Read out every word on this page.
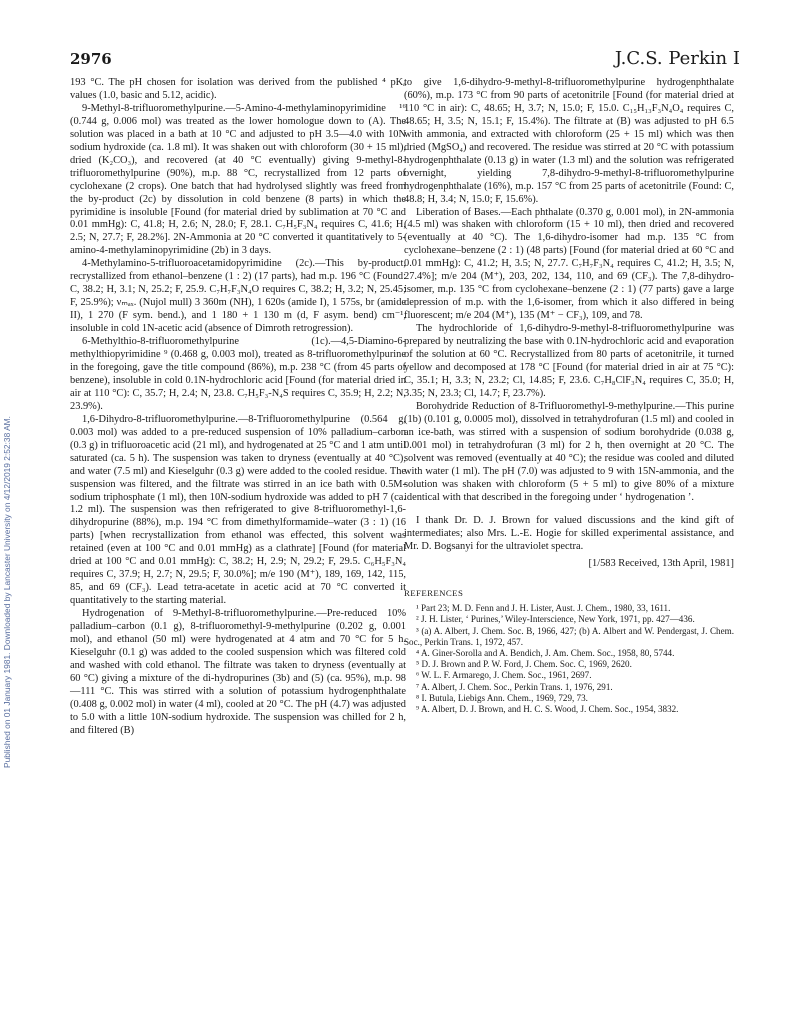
2976	J.C.S. Perkin I
Published on 01 January 1981. Downloaded by Lancaster University on 4/12/2019 2:52:38 AM.

193 °C. The pH chosen for isolation was derived from the published ⁴ pKₐ values (1.0, basic and 5.12, acidic).

9-Methyl-8-trifluoromethylpurine.—5-Amino-4-methylaminopyrimidine ¹⁶ (0.744 g, 0.006 mol) was treated as the lower homologue down to (A). The solution was placed in a bath at 10 °C and adjusted to pH 3.5—4.0 with 10N sodium hydroxide (ca. 1.8 ml). It was shaken out with chloroform (30 + 15 ml), dried (K₂CO₃), and recovered (at 40 °C eventually) giving 9-methyl-8-trifluoromethylpurine (90%), m.p. 88 °C, recrystallized from 12 parts of cyclohexane (2 crops). One batch that had hydrolysed slightly was freed from the by-product (2c) by dissolution in cold benzene (8 parts) in which the pyrimidine is insoluble [Found (for material dried by sublimation at 70 °C and 0.01 mmHg): C, 41.8; H, 2.6; N, 28.0; F, 28.1. C₇H₅F₃N₄ requires C, 41.6; H, 2.5; N, 27.7; F, 28.2%]. 2N-Ammonia at 20 °C converted it quantitatively to 5-amino-4-methylaminopyrimidine (2b) in 3 days.

4-Methylamino-5-trifluoroacetamidopyrimidine (2c).—This by-product, recrystallized from ethanol–benzene (1 : 2) (17 parts), had m.p. 196 °C (Found: C, 38.2; H, 3.1; N, 25.2; F, 25.9. C₇H₇F₃N₄O requires C, 38.2; H, 3.2; N, 25.45; F, 25.9%); νₘₐₓ. (Nujol mull) 3 360m (NH), 1 620s (amide I), 1 575s, br (amide II), 1 270 (F sym. bend.), and 1 180 + 1 130 m (d, F asym. bend) cm⁻¹, insoluble in cold 1N-acetic acid (absence of Dimroth retrogression).

6-Methylthio-8-trifluoromethylpurine (1c).—4,5-Diamino-6-methylthiopyrimidine ⁹ (0.468 g, 0.003 mol), treated as 8-trifluoromethylpurine in the foregoing, gave the title compound (86%), m.p. 238 °C (from 45 parts of benzene), insoluble in cold 0.1N-hydrochloric acid [Found (for material dried in air at 110 °C): C, 35.7; H, 2.4; N, 23.8. C₇H₅F₃-N₄S requires C, 35.9; H, 2.2; N, 23.9%).

1,6-Dihydro-8-trifluoromethylpurine.—8-Trifluoromethylpurine (0.564 g, 0.003 mol) was added to a pre-reduced suspension of 10% palladium–carbon (0.3 g) in trifluoroacetic acid (21 ml), and hydrogenated at 25 °C and 1 atm until saturated (ca. 5 h). The suspension was taken to dryness (eventually at 40 °C), and water (7.5 ml) and Kieselguhr (0.3 g) were added to the cooled residue. The suspension was filtered, and the filtrate was stirred in an ice bath with 0.5M-sodium triphosphate (1 ml), then 10N-sodium hydroxide was added to pH 7 (ca. 1.2 ml). The suspension was then refrigerated to give 8-trifluoromethyl-1,6-dihydropurine (88%), m.p. 194 °C from dimethylformamide–water (3 : 1) (16 parts) [when recrystallization from ethanol was effected, this solvent was retained (even at 100 °C and 0.01 mmHg) as a clathrate] [Found (for material dried at 100 °C and 0.01 mmHg): C, 38.2; H, 2.9; N, 29.2; F, 29.5. C₆H₅F₃N₄ requires C, 37.9; H, 2.7; N, 29.5; F, 30.0%]; m/e 190 (M⁺), 189, 169, 142, 115, 85, and 69 (CF₃). Lead tetra-acetate in acetic acid at 70 °C converted it quantitatively to the starting material.

Hydrogenation of 9-Methyl-8-trifluoromethylpurine.—Pre-reduced 10% palladium–carbon (0.1 g), 8-trifluoromethyl-9-methylpurine (0.202 g, 0.001 mol), and ethanol (50 ml) were hydrogenated at 4 atm and 70 °C for 5 h. Kieselguhr (0.1 g) was added to the cooled suspension which was filtered cold and washed with cold ethanol. The filtrate was taken to dryness (eventually at 60 °C) giving a mixture of the di-hydropurines (3b) and (5) (ca. 95%), m.p. 98—111 °C. This was stirred with a solution of potassium hydrogenphthalate (0.408 g, 0.002 mol) in water (4 ml), cooled at 20 °C. The pH (4.7) was adjusted to 5.0 with a little 10N-sodium hydroxide. The suspension was chilled for 2 h, and filtered (B)

to give 1,6-dihydro-9-methyl-8-trifluoromethylpurine hydrogenphthalate (60%), m.p. 173 °C from 90 parts of acetonitrile [Found (for material dried at 110 °C in air): C, 48.65; H, 3.7; N, 15.0; F, 15.0. C₁₅H₁₃F₃N₄O₄ requires C, 48.65; H, 3.5; N, 15.1; F, 15.4%). The filtrate at (B) was adjusted to pH 6.5 with ammonia, and extracted with chloroform (25 + 15 ml) which was then dried (MgSO₄) and recovered. The residue was stirred at 20 °C with potassium hydrogenphthalate (0.13 g) in water (1.3 ml) and the solution was refrigerated overnight, yielding 7,8-dihydro-9-methyl-8-trifluoromethylpurine hydrogenphthalate (16%), m.p. 157 °C from 25 parts of acetonitrile (Found: C, 48.8; H, 3.4; N, 15.0; F, 15.6%).

Liberation of Bases.—Each phthalate (0.370 g, 0.001 mol), in 2N-ammonia (4.5 ml) was shaken with chloroform (15 + 10 ml), then dried and recovered (eventually at 40 °C). The 1,6-dihydro-isomer had m.p. 135 °C from cyclohexane–benzene (2 : 1) (48 parts) [Found (for material dried at 60 °C and 0.01 mmHg): C, 41.2; H, 3.5; N, 27.7. C₇H₇F₃N₄ requires C, 41.2; H, 3.5; N, 27.4%]; m/e 204 (M⁺), 203, 202, 134, 110, and 69 (CF₃). The 7,8-dihydro-isomer, m.p. 135 °C from cyclohexane–benzene (2 : 1) (77 parts) gave a large depression of m.p. with the 1,6-isomer, from which it also differed in being fluorescent; m/e 204 (M⁺), 135 (M⁺ − CF₃), 109, and 78.

The hydrochloride of 1,6-dihydro-9-methyl-8-trifluoromethylpurine was prepared by neutralizing the base with 0.1N-hydrochloric acid and evaporation of the solution at 60 °C. Recrystallized from 80 parts of acetonitrile, it turned yellow and decomposed at 178 °C [Found (for material dried in air at 75 °C): C, 35.1; H, 3.3; N, 23.2; Cl, 14.85; F, 23.6. C₇H₈ClF₃N₄ requires C, 35.0; H, 3.35; N, 23.3; Cl, 14.7; F, 23.7%).

Borohydride Reduction of 8-Trifluoromethyl-9-methylpurine.—This purine (1b) (0.101 g, 0.0005 mol), dissolved in tetrahydrofuran (1.5 ml) and cooled in an ice-bath, was stirred with a suspension of sodium borohydride (0.038 g, 0.001 mol) in tetrahydrofuran (3 ml) for 2 h, then overnight at 20 °C. The solvent was removed (eventually at 40 °C); the residue was cooled and diluted with water (1 ml). The pH (7.0) was adjusted to 9 with 15N-ammonia, and the solution was shaken with chloroform (5 + 5 ml) to give 80% of a mixture identical with that described in the foregoing under ‘ hydrogenation ’.

I thank Dr. D. J. Brown for valued discussions and the kind gift of intermediates; also Mrs. L.-E. Hogie for skilled experimental assistance, and Mr. D. Bogsanyi for the ultraviolet spectra.

[1/583 Received, 13th April, 1981]
REFERENCES

¹ Part 23; M. D. Fenn and J. H. Lister, Aust. J. Chem., 1980, 33, 1611.

² J. H. Lister, ‘ Purines,’ Wiley-Interscience, New York, 1971, pp. 427—436.

³ (a) A. Albert, J. Chem. Soc. B, 1966, 427; (b) A. Albert and W. Pendergast, J. Chem. Soc., Perkin Trans. 1, 1972, 457.

⁴ A. Giner-Sorolla and A. Bendich, J. Am. Chem. Soc., 1958, 80, 5744.

⁵ D. J. Brown and P. W. Ford, J. Chem. Soc. C, 1969, 2620.

⁶ W. L. F. Armarego, J. Chem. Soc., 1961, 2697.

⁷ A. Albert, J. Chem. Soc., Perkin Trans. 1, 1976, 291.

⁸ I. Butula, Liebigs Ann. Chem., 1969, 729, 73.

⁹ A. Albert, D. J. Brown, and H. C. S. Wood, J. Chem. Soc., 1954, 3832.
